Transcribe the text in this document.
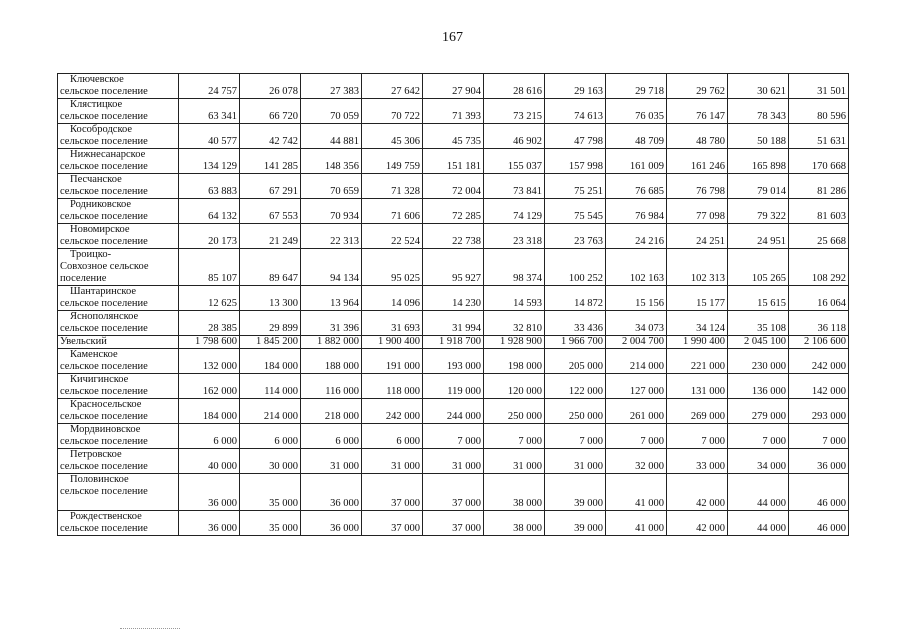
167
Ключевское
сельское поселение	24 757	26 078	27 383	27 642	27 904	28 616	29 163	29 718	29 762	30 621	31 501

Клястицкое
сельское поселение	63 341	66 720	70 059	70 722	71 393	73 215	74 613	76 035	76 147	78 343	80 596

Кособродское
сельское поселение	40 577	42 742	44 881	45 306	45 735	46 902	47 798	48 709	48 780	50 188	51 631

Нижнесанарское
сельское поселение	134 129	141 285	148 356	149 759	151 181	155 037	157 998	161 009	161 246	165 898	170 668

Песчанское
сельское поселение	63 883	67 291	70 659	71 328	72 004	73 841	75 251	76 685	76 798	79 014	81 286

Родниковское
сельское поселение	64 132	67 553	70 934	71 606	72 285	74 129	75 545	76 984	77 098	79 322	81 603

Новомирское
сельское поселение	20 173	21 249	22 313	22 524	22 738	23 318	23 763	24 216	24 251	24 951	25 668

Троицко-
Совхозное сельское
поселение	85 107	89 647	94 134	95 025	95 927	98 374	100 252	102 163	102 313	105 265	108 292

Шантаринское
сельское поселение	12 625	13 300	13 964	14 096	14 230	14 593	14 872	15 156	15 177	15 615	16 064

Яснополянское
сельское поселение	28 385	29 899	31 396	31 693	31 994	32 810	33 436	34 073	34 124	35 108	36 118

Увельский	1 798 600	1 845 200	1 882 000	1 900 400	1 918 700	1 928 900	1 966 700	2 004 700	1 990 400	2 045 100	2 106 600

Каменское
сельское поселение	132 000	184 000	188 000	191 000	193 000	198 000	205 000	214 000	221 000	230 000	242 000

Кичигинское
сельское поселение	162 000	114 000	116 000	118 000	119 000	120 000	122 000	127 000	131 000	136 000	142 000

Красносельское
сельское поселение	184 000	214 000	218 000	242 000	244 000	250 000	250 000	261 000	269 000	279 000	293 000

Мордвиновское
сельское поселение	6 000	6 000	6 000	6 000	7 000	7 000	7 000	7 000	7 000	7 000	7 000

Петровское
сельское поселение	40 000	30 000	31 000	31 000	31 000	31 000	31 000	32 000	33 000	34 000	36 000

Половинское
сельское поселение	36 000	35 000	36 000	37 000	37 000	38 000	39 000	41 000	42 000	44 000	46 000

Рождественское
сельское поселение	36 000	35 000	36 000	37 000	37 000	38 000	39 000	41 000	42 000	44 000	46 000
